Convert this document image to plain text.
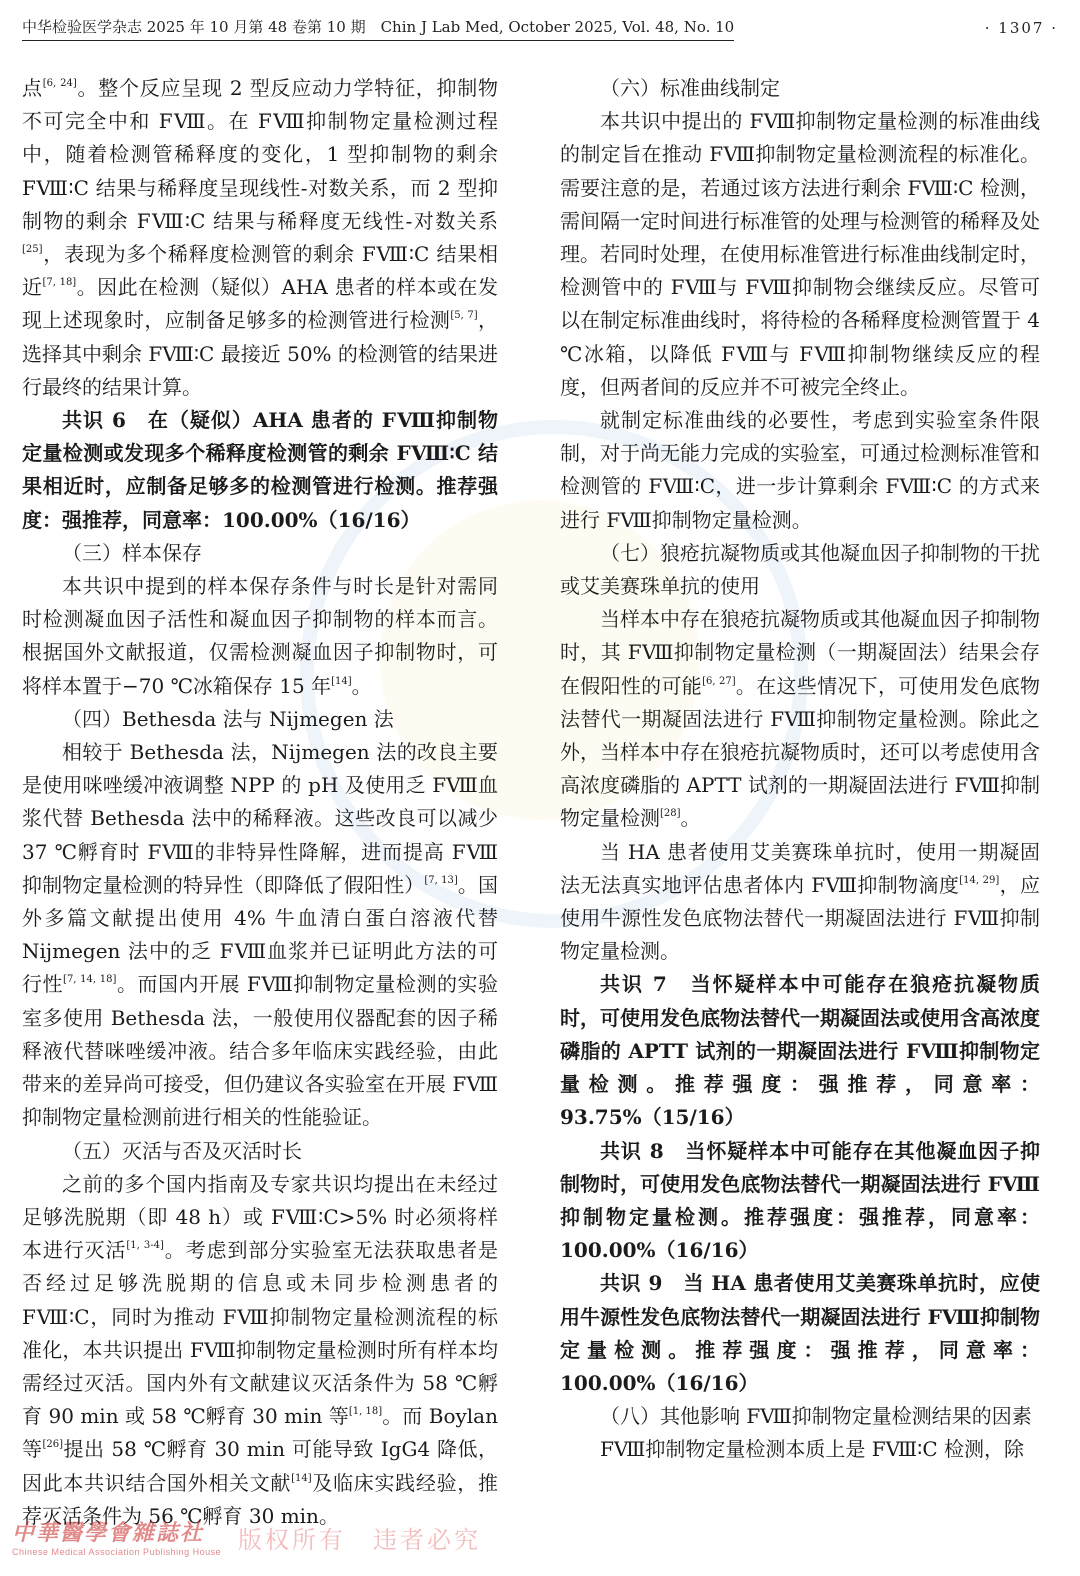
中华检验医学杂志 2025 年 10 月第 48 卷第 10 期　Chin J Lab Med, October 2025, Vol. 48, No. 10	· 1307 ·

点[6, 24]。整个反应呈现 2 型反应动力学特征，抑制物不可完全中和 FⅧ。在 FⅧ抑制物定量检测过程中，随着检测管稀释度的变化，1 型抑制物的剩余 FⅧ∶C 结果与稀释度呈现线性-对数关系，而 2 型抑制物的剩余 FⅧ∶C 结果与稀释度无线性-对数关系[25]，表现为多个稀释度检测管的剩余 FⅧ∶C 结果相近[7, 18]。因此在检测（疑似）AHA 患者的样本或在发现上述现象时，应制备足够多的检测管进行检测[5, 7]，选择其中剩余 FⅧ∶C 最接近 50% 的检测管的结果进行最终的结果计算。

共识 6　在（疑似）AHA 患者的 FⅧ抑制物定量检测或发现多个稀释度检测管的剩余 FⅧ∶C 结果相近时，应制备足够多的检测管进行检测。推荐强度：强推荐，同意率：100.00%（16/16）

（三）样本保存

本共识中提到的样本保存条件与时长是针对需同时检测凝血因子活性和凝血因子抑制物的样本而言。根据国外文献报道，仅需检测凝血因子抑制物时，可将样本置于−70 ℃冰箱保存 15 年[14]。

（四）Bethesda 法与 Nijmegen 法

相较于 Bethesda 法，Nijmegen 法的改良主要是使用咪唑缓冲液调整 NPP 的 pH 及使用乏 FⅧ血浆代替 Bethesda 法中的稀释液。这些改良可以减少 37 ℃孵育时 FⅧ的非特异性降解，进而提高 FⅧ抑制物定量检测的特异性（即降低了假阳性）[7, 13]。国外多篇文献提出使用 4% 牛血清白蛋白溶液代替 Nijmegen 法中的乏 FⅧ血浆并已证明此方法的可行性[7, 14, 18]。而国内开展 FⅧ抑制物定量检测的实验室多使用 Bethesda 法，一般使用仪器配套的因子稀释液代替咪唑缓冲液。结合多年临床实践经验，由此带来的差异尚可接受，但仍建议各实验室在开展 FⅧ抑制物定量检测前进行相关的性能验证。

（五）灭活与否及灭活时长

之前的多个国内指南及专家共识均提出在未经过足够洗脱期（即 48 h）或 FⅧ∶C>5% 时必须将样本进行灭活[1, 3-4]。考虑到部分实验室无法获取患者是否经过足够洗脱期的信息或未同步检测患者的 FⅧ∶C，同时为推动 FⅧ抑制物定量检测流程的标准化，本共识提出 FⅧ抑制物定量检测时所有样本均需经过灭活。国内外有文献建议灭活条件为 58 ℃孵育 90 min 或 58 ℃孵育 30 min 等[1, 18]。而 Boylan 等[26]提出 58 ℃孵育 30 min 可能导致 IgG4 降低，因此本共识结合国外相关文献[14]及临床实践经验，推荐灭活条件为 56 ℃孵育 30 min。

（六）标准曲线制定

本共识中提出的 FⅧ抑制物定量检测的标准曲线的制定旨在推动 FⅧ抑制物定量检测流程的标准化。需要注意的是，若通过该方法进行剩余 FⅧ∶C 检测，需间隔一定时间进行标准管的处理与检测管的稀释及处理。若同时处理，在使用标准管进行标准曲线制定时，检测管中的 FⅧ与 FⅧ抑制物会继续反应。尽管可以在制定标准曲线时，将待检的各稀释度检测管置于 4 ℃冰箱，以降低 FⅧ与 FⅧ抑制物继续反应的程度，但两者间的反应并不可被完全终止。

就制定标准曲线的必要性，考虑到实验室条件限制，对于尚无能力完成的实验室，可通过检测标准管和检测管的 FⅧ∶C，进一步计算剩余 FⅧ∶C 的方式来进行 FⅧ抑制物定量检测。

（七）狼疮抗凝物质或其他凝血因子抑制物的干扰或艾美赛珠单抗的使用

当样本中存在狼疮抗凝物质或其他凝血因子抑制物时，其 FⅧ抑制物定量检测（一期凝固法）结果会存在假阳性的可能[6, 27]。在这些情况下，可使用发色底物法替代一期凝固法进行 FⅧ抑制物定量检测。除此之外，当样本中存在狼疮抗凝物质时，还可以考虑使用含高浓度磷脂的 APTT 试剂的一期凝固法进行 FⅧ抑制物定量检测[28]。

当 HA 患者使用艾美赛珠单抗时，使用一期凝固法无法真实地评估患者体内 FⅧ抑制物滴度[14, 29]，应使用牛源性发色底物法替代一期凝固法进行 FⅧ抑制物定量检测。

共识 7　当怀疑样本中可能存在狼疮抗凝物质时，可使用发色底物法替代一期凝固法或使用含高浓度磷脂的 APTT 试剂的一期凝固法进行 FⅧ抑制物定量检测。推荐强度：强推荐，同意率：93.75%（15/16）

共识 8　当怀疑样本中可能存在其他凝血因子抑制物时，可使用发色底物法替代一期凝固法进行 FⅧ抑制物定量检测。推荐强度：强推荐，同意率：100.00%（16/16）

共识 9　当 HA 患者使用艾美赛珠单抗时，应使用牛源性发色底物法替代一期凝固法进行 FⅧ抑制物定量检测。推荐强度：强推荐，同意率：100.00%（16/16）

（八）其他影响 FⅧ抑制物定量检测结果的因素

FⅧ抑制物定量检测本质上是 FⅧ∶C 检测，除

中華醫學會雜誌社
Chinese Medical Association Publishing House 版权所有　违者必究
